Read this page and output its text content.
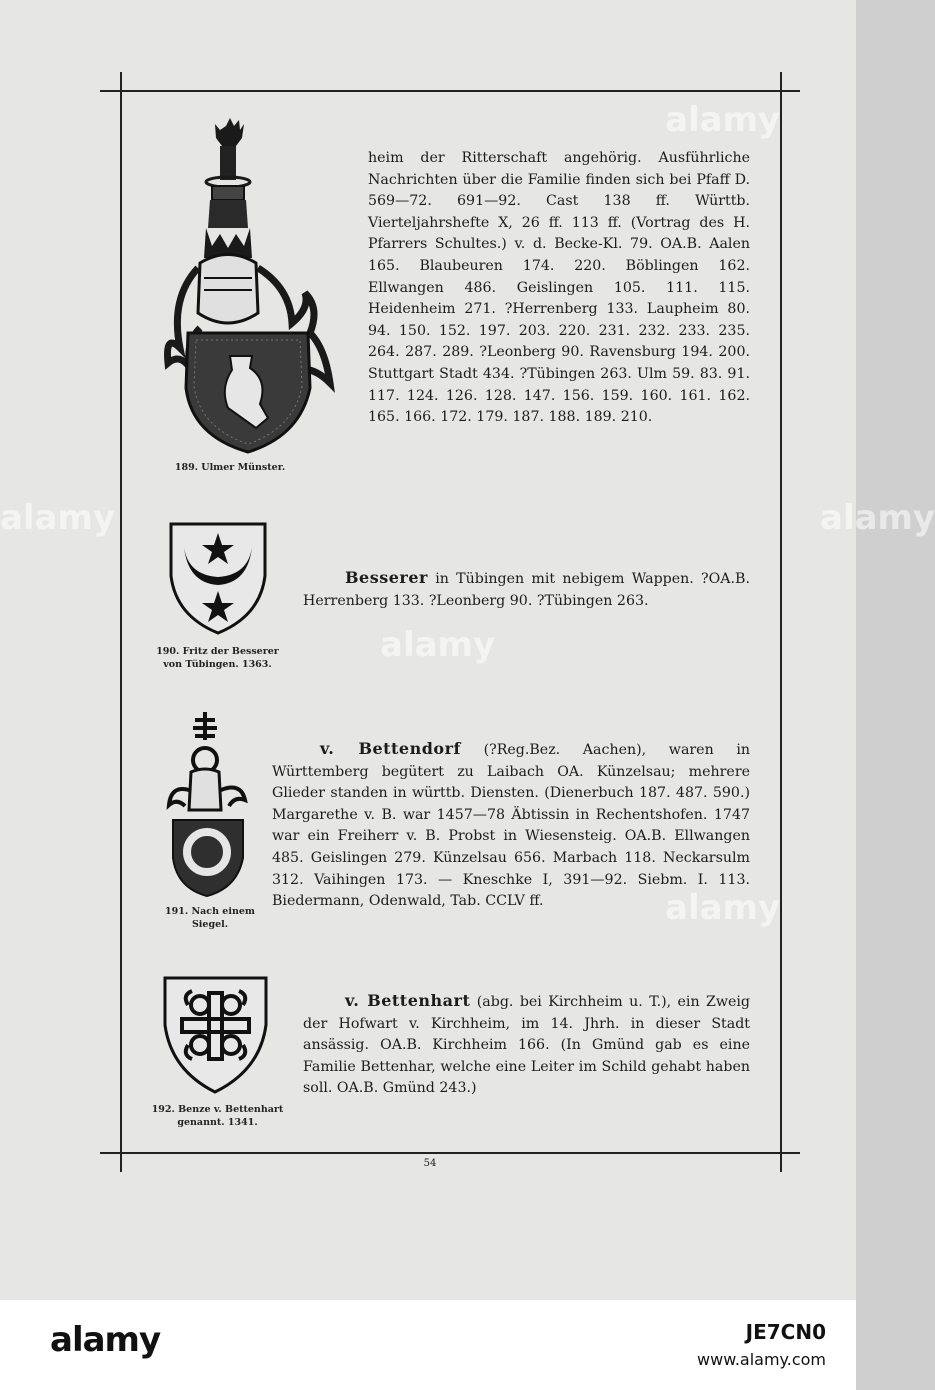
alamy
alamy	alamy
alamy
alamy

heim der Ritterschaft angehörig. Ausführliche Nachrichten über die Familie finden sich bei Pfaff D. 569—72. 691—92. Cast 138 ff. Württb. Vierteljahrshefte X, 26 ff. 113 ff. (Vortrag des H. Pfarrers Schultes.) v. d. Becke-Kl. 79. OA.B. Aalen 165. Blaubeuren 174. 220. Böblingen 162. Ellwangen 486. Geislingen 105. 111. 115. Heidenheim 271. ?Herrenberg 133. Laupheim 80. 94. 150. 152. 197. 203. 220. 231. 232. 233. 235. 264. 287. 289. ?Leonberg 90. Ravensburg 194. 200. Stuttgart Stadt 434. ?Tübingen 263. Ulm 59. 83. 91. 117. 124. 126. 128. 147. 156. 159. 160. 161. 162. 165. 166. 172. 179. 187. 188. 189. 210.

Besserer in Tübingen mit nebigem Wappen. ?OA.B. Herrenberg 133. ?Leonberg 90. ?Tübingen 263.

v. Bettendorf (?Reg.Bez. Aachen), waren in Württemberg begütert zu Laibach OA. Künzelsau; mehrere Glieder standen in württb. Diensten. (Dienerbuch 187. 487. 590.) Margarethe v. B. war 1457—78 Äbtissin in Rechentshofen. 1747 war ein Freiherr v. B. Probst in Wiesensteig. OA.B. Ellwangen 485. Geislingen 279. Künzelsau 656. Marbach 118. Neckarsulm 312. Vaihingen 173. — Kneschke I, 391—92. Siebm. I. 113. Biedermann, Odenwald, Tab. CCLV ff.

v. Bettenhart (abg. bei Kirchheim u. T.), ein Zweig der Hofwart v. Kirchheim, im 14. Jhrh. in dieser Stadt ansässig. OA.B. Kirchheim 166. (In Gmünd gab es eine Familie Bettenhar, welche eine Leiter im Schild gehabt haben soll. OA.B. Gmünd 243.)

189. Ulmer Münster.
190. Fritz der Besserer
von Tübingen. 1363.
191. Nach einem
Siegel.
192. Benze v. Bettenhart
genannt. 1341.
54
alamy	JE7CN0
www.alamy.com
